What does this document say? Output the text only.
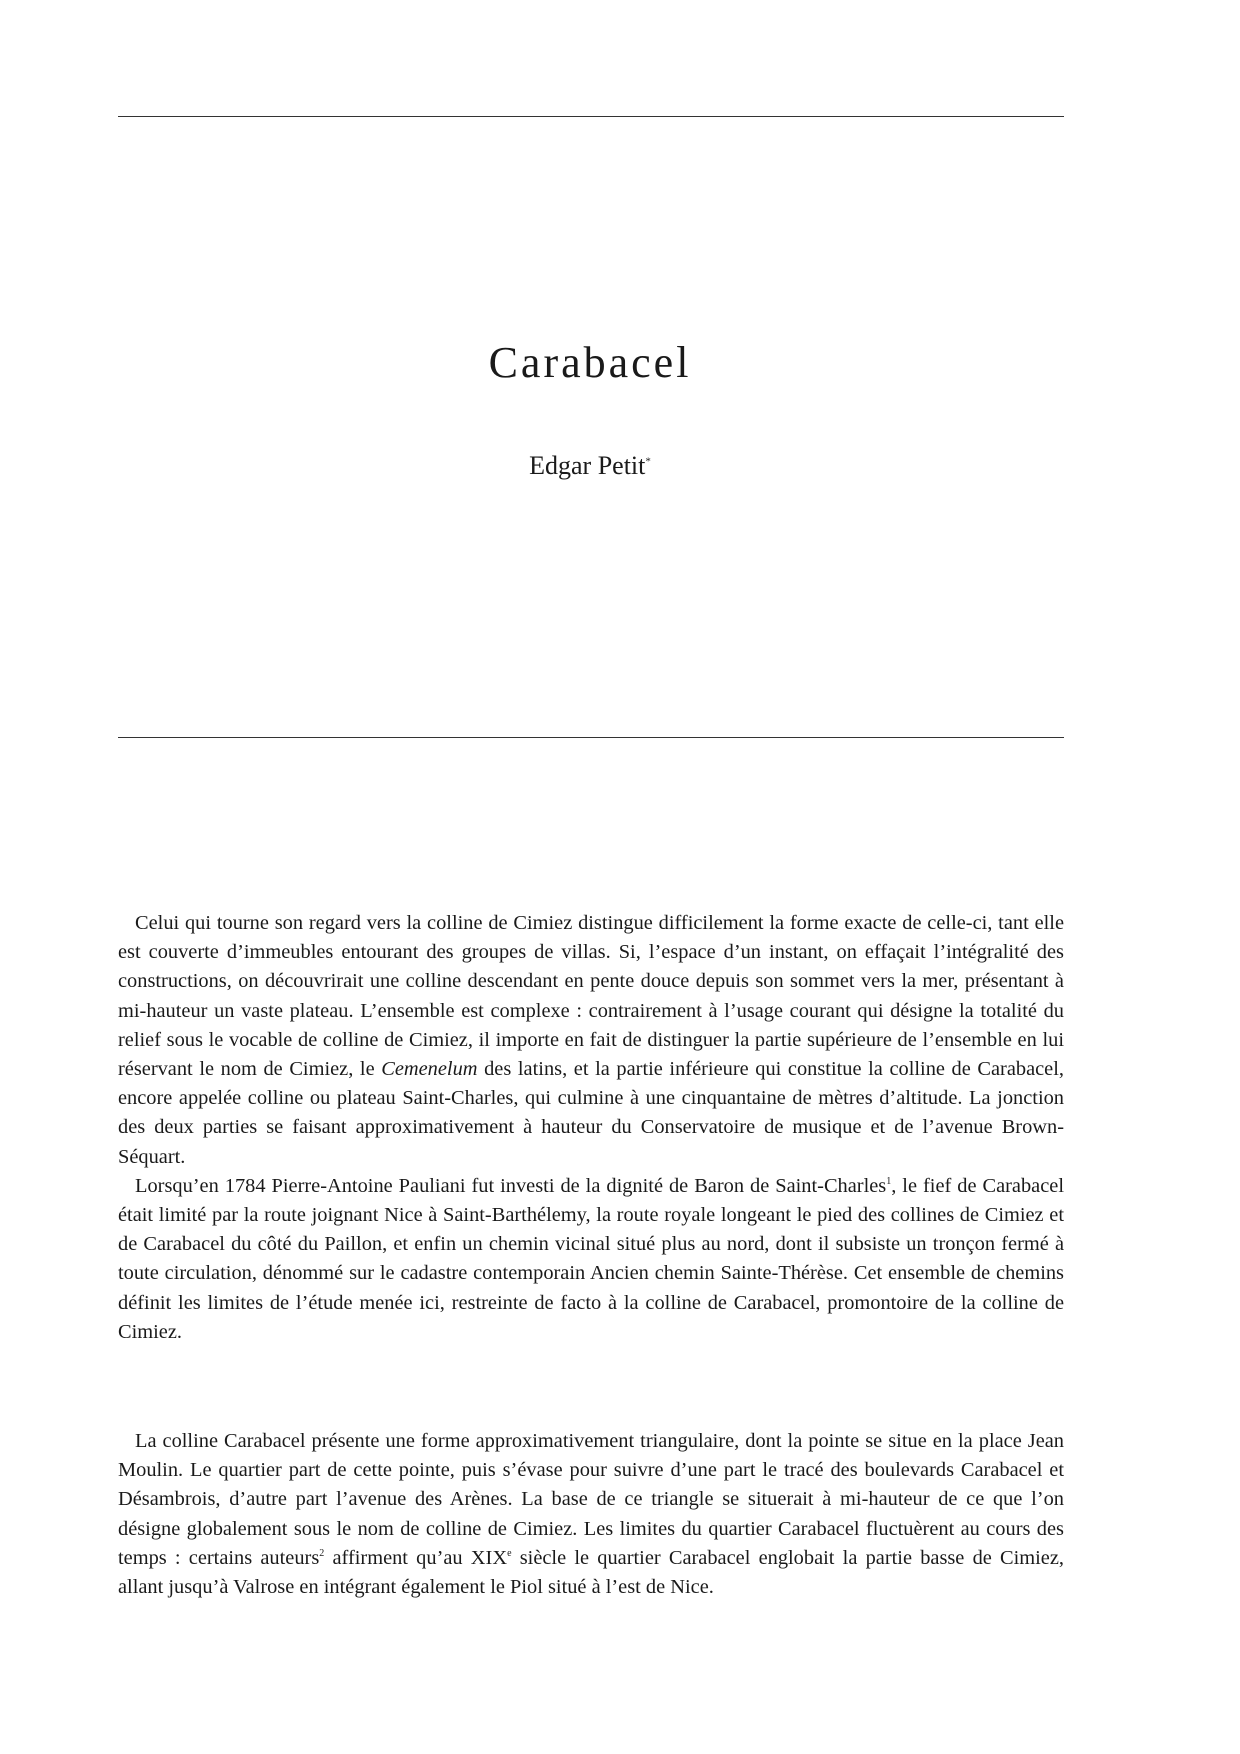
Carabacel
Edgar Petit*

Celui qui tourne son regard vers la colline de Cimiez distingue difficilement la forme exacte de celle-ci, tant elle est couverte d’immeubles entourant des groupes de villas. Si, l’espace d’un instant, on effaçait l’intégralité des constructions, on découvrirait une colline descendant en pente douce depuis son sommet vers la mer, présentant à mi-hauteur un vaste plateau. L’ensemble est complexe : contrairement à l’usage courant qui désigne la totalité du relief sous le vocable de colline de Cimiez, il importe en fait de distinguer la partie supérieure de l’ensemble en lui réservant le nom de Cimiez, le Cemenelum des latins, et la partie inférieure qui constitue la colline de Carabacel, encore appelée colline ou plateau Saint-Charles, qui culmine à une cinquantaine de mètres d’altitude. La jonction des deux parties se faisant approximativement à hauteur du Conservatoire de musique et de l’avenue Brown-Séquart.

Lorsqu’en 1784 Pierre-Antoine Pauliani fut investi de la dignité de Baron de Saint-Charles$^1$, le fief de Carabacel était limité par la route joignant Nice à Saint-Barthélemy, la route royale longeant le pied des collines de Cimiez et de Carabacel du côté du Paillon, et enfin un chemin vicinal situé plus au nord, dont il subsiste un tronçon fermé à toute circulation, dénommé sur le cadastre contemporain Ancien chemin Sainte-Thérèse. Cet ensemble de chemins définit les limites de l’étude menée ici, restreinte de facto à la colline de Carabacel, promontoire de la colline de Cimiez.

La colline Carabacel présente une forme approximativement triangulaire, dont la pointe se situe en la place Jean Moulin. Le quartier part de cette pointe, puis s’évase pour suivre d’une part le tracé des boulevards Carabacel et Désambrois, d’autre part l’avenue des Arènes. La base de ce triangle se situerait à mi-hauteur de ce que l’on désigne globalement sous le nom de colline de Cimiez. Les limites du quartier Carabacel fluctuèrent au cours des temps : certains auteurs$^2$ affirment qu’au XIXe siècle le quartier Carabacel englobait la partie basse de Cimiez, allant jusqu’à Valrose en intégrant également le Piol situé à l’est de Nice.
